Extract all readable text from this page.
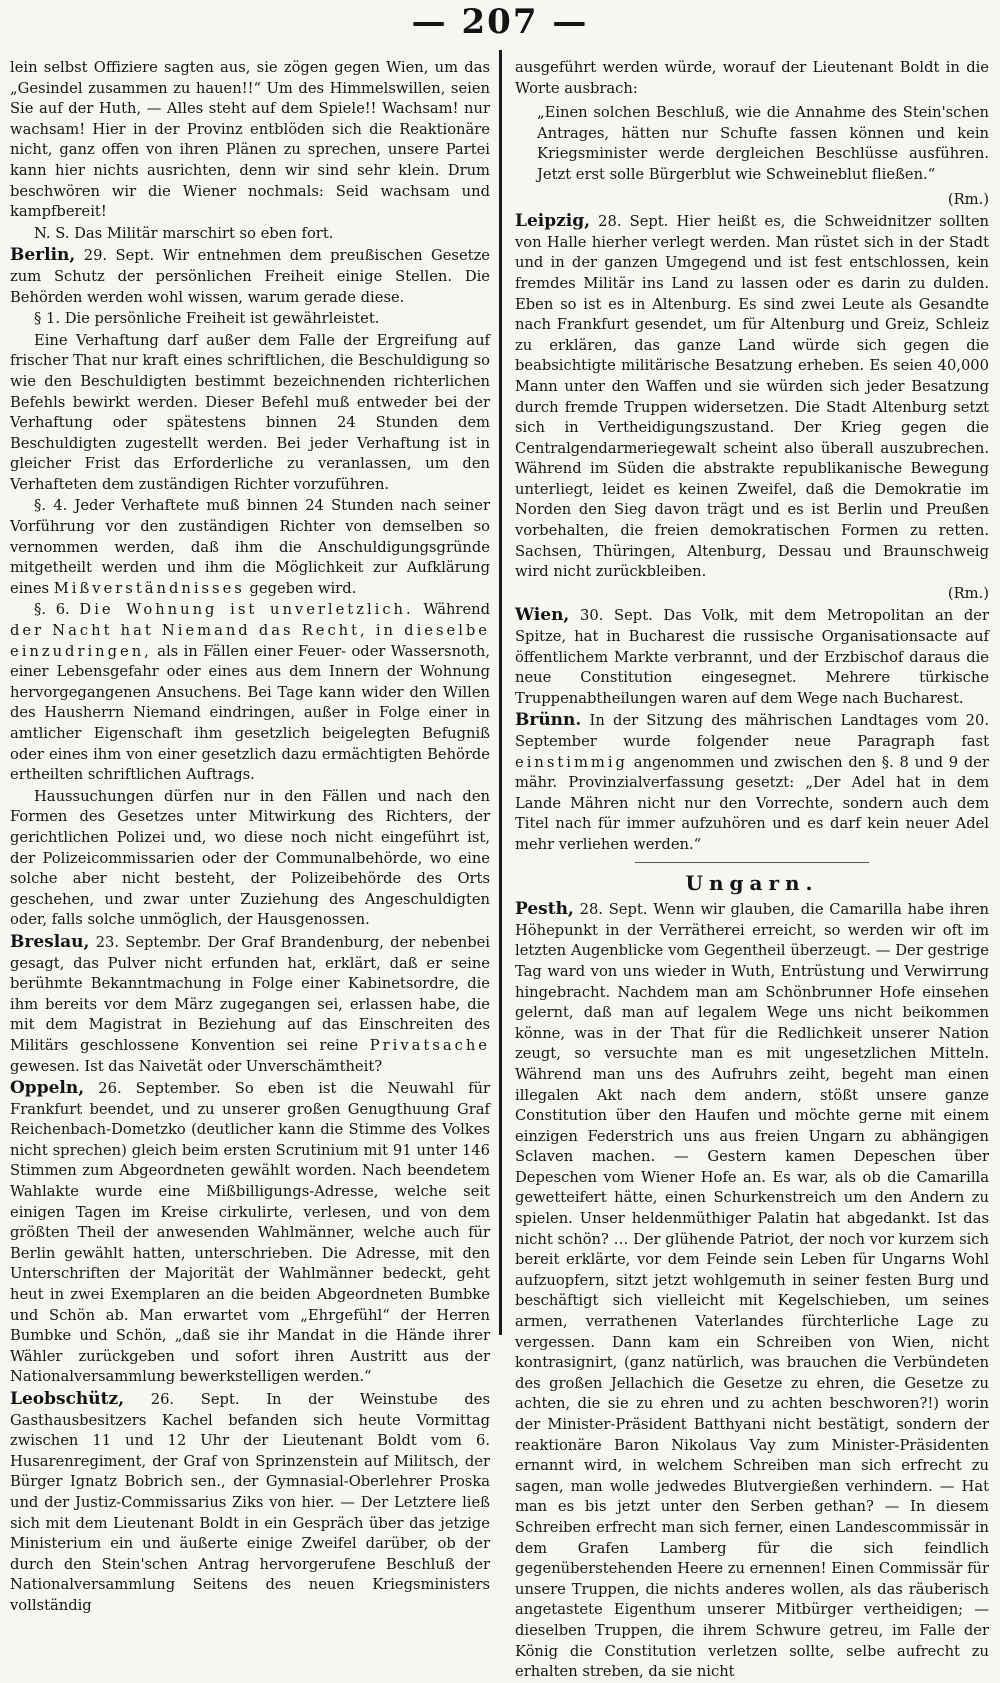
— 207 —

lein selbst Offiziere sagten aus, sie zögen gegen Wien, um das „Gesindel zusammen zu hauen!!“ Um des Himmelswillen, seien Sie auf der Huth, — Alles steht auf dem Spiele!! Wachsam! nur wachsam! Hier in der Provinz entblöden sich die Reaktionäre nicht, ganz offen von ihren Plänen zu sprechen, unsere Partei kann hier nichts ausrichten, denn wir sind sehr klein. Drum beschwören wir die Wiener nochmals: Seid wachsam und kampfbereit!

N. S. Das Militär marschirt so eben fort.

Berlin, 29. Sept. Wir entnehmen dem preußischen Gesetze zum Schutz der persönlichen Freiheit einige Stellen. Die Behörden werden wohl wissen, warum gerade diese.

§ 1. Die persönliche Freiheit ist gewährleistet.

Eine Verhaftung darf außer dem Falle der Ergreifung auf frischer That nur kraft eines schriftlichen, die Beschuldigung so wie den Beschuldigten bestimmt bezeichnenden richterlichen Befehls bewirkt werden. Dieser Befehl muß entweder bei der Verhaftung oder spätestens binnen 24 Stunden dem Beschuldigten zugestellt werden. Bei jeder Verhaftung ist in gleicher Frist das Erforderliche zu veranlassen, um den Verhafteten dem zuständigen Richter vorzuführen.

§. 4. Jeder Verhaftete muß binnen 24 Stunden nach seiner Vorführung vor den zuständigen Richter von demselben so vernommen werden, daß ihm die Anschuldigungsgründe mitgetheilt werden und ihm die Möglichkeit zur Aufklärung eines Mißverständnisses gegeben wird.

§. 6. Die Wohnung ist unverletzlich. Während der Nacht hat Niemand das Recht, in dieselbe einzudringen, als in Fällen einer Feuer- oder Wassersnoth, einer Lebensgefahr oder eines aus dem Innern der Wohnung hervorgegangenen Ansuchens. Bei Tage kann wider den Willen des Hausherrn Niemand eindringen, außer in Folge einer in amtlicher Eigenschaft ihm gesetzlich beigelegten Befugniß oder eines ihm von einer gesetzlich dazu ermächtigten Behörde ertheilten schriftlichen Auftrags.

Haussuchungen dürfen nur in den Fällen und nach den Formen des Gesetzes unter Mitwirkung des Richters, der gerichtlichen Polizei und, wo diese noch nicht eingeführt ist, der Polizeicommissarien oder der Communalbehörde, wo eine solche aber nicht besteht, der Polizeibehörde des Orts geschehen, und zwar unter Zuziehung des Angeschuldigten oder, falls solche unmöglich, der Hausgenossen.

Breslau, 23. Septembr. Der Graf Brandenburg, der nebenbei gesagt, das Pulver nicht erfunden hat, erklärt, daß er seine berühmte Bekanntmachung in Folge einer Kabinetsordre, die ihm bereits vor dem März zugegangen sei, erlassen habe, die mit dem Magistrat in Beziehung auf das Einschreiten des Militärs geschlossene Konvention sei reine Privatsache gewesen. Ist das Naivetät oder Unverschämtheit?

Oppeln, 26. September. So eben ist die Neuwahl für Frankfurt beendet, und zu unserer großen Genugthuung Graf Reichenbach-Dometzko (deutlicher kann die Stimme des Volkes nicht sprechen) gleich beim ersten Scrutinium mit 91 unter 146 Stimmen zum Abgeordneten gewählt worden. Nach beendetem Wahlakte wurde eine Mißbilligungs-Adresse, welche seit einigen Tagen im Kreise cirkulirte, verlesen, und von dem größten Theil der anwesenden Wahlmänner, welche auch für Berlin gewählt hatten, unterschrieben. Die Adresse, mit den Unterschriften der Majorität der Wahlmänner bedeckt, geht heut in zwei Exemplaren an die beiden Abgeordneten Bumbke und Schön ab. Man erwartet vom „Ehrgefühl“ der Herren Bumbke und Schön, „daß sie ihr Mandat in die Hände ihrer Wähler zurückgeben und sofort ihren Austritt aus der Nationalversammlung bewerkstelligen werden.“

Leobschütz, 26. Sept. In der Weinstube des Gasthausbesitzers Kachel befanden sich heute Vormittag zwischen 11 und 12 Uhr der Lieutenant Boldt vom 6. Husarenregiment, der Graf von Sprinzenstein auf Militsch, der Bürger Ignatz Bobrich sen., der Gymnasial-Oberlehrer Proska und der Justiz-Commissarius Ziks von hier. — Der Letztere ließ sich mit dem Lieutenant Boldt in ein Gespräch über das jetzige Ministerium ein und äußerte einige Zweifel darüber, ob der durch den Stein'schen Antrag hervorgerufene Beschluß der Nationalversammlung Seitens des neuen Kriegsministers vollständig

ausgeführt werden würde, worauf der Lieutenant Boldt in die Worte ausbrach:

„Einen solchen Beschluß, wie die Annahme des Stein'schen Antrages, hätten nur Schufte fassen können und kein Kriegsminister werde dergleichen Beschlüsse ausführen. Jetzt erst solle Bürgerblut wie Schweineblut fließen.“

(Rm.)

Leipzig, 28. Sept. Hier heißt es, die Schweidnitzer sollten von Halle hierher verlegt werden. Man rüstet sich in der Stadt und in der ganzen Umgegend und ist fest entschlossen, kein fremdes Militär ins Land zu lassen oder es darin zu dulden. Eben so ist es in Altenburg. Es sind zwei Leute als Gesandte nach Frankfurt gesendet, um für Altenburg und Greiz, Schleiz zu erklären, das ganze Land würde sich gegen die beabsichtigte militärische Besatzung erheben. Es seien 40,000 Mann unter den Waffen und sie würden sich jeder Besatzung durch fremde Truppen widersetzen. Die Stadt Altenburg setzt sich in Vertheidigungszustand. Der Krieg gegen die Centralgendarmeriegewalt scheint also überall auszubrechen. Während im Süden die abstrakte republikanische Bewegung unterliegt, leidet es keinen Zweifel, daß die Demokratie im Norden den Sieg davon trägt und es ist Berlin und Preußen vorbehalten, die freien demokratischen Formen zu retten. Sachsen, Thüringen, Altenburg, Dessau und Braunschweig wird nicht zurückbleiben.

(Rm.)

Wien, 30. Sept. Das Volk, mit dem Metropolitan an der Spitze, hat in Bucharest die russische Organisationsacte auf öffentlichem Markte verbrannt, und der Erzbischof daraus die neue Constitution eingesegnet. Mehrere türkische Truppenabtheilungen waren auf dem Wege nach Bucharest.

Brünn. In der Sitzung des mährischen Landtages vom 20. September wurde folgender neue Paragraph fast einstimmig angenommen und zwischen den §. 8 und 9 der mähr. Provinzialverfassung gesetzt: „Der Adel hat in dem Lande Mähren nicht nur den Vorrechte, sondern auch dem Titel nach für immer aufzuhören und es darf kein neuer Adel mehr verliehen werden.“

Ungarn.

Pesth, 28. Sept. Wenn wir glauben, die Camarilla habe ihren Höhepunkt in der Verrätherei erreicht, so werden wir oft im letzten Augenblicke vom Gegentheil überzeugt. — Der gestrige Tag ward von uns wieder in Wuth, Entrüstung und Verwirrung hingebracht. Nachdem man am Schönbrunner Hofe einsehen gelernt, daß man auf legalem Wege uns nicht beikommen könne, was in der That für die Redlichkeit unserer Nation zeugt, so versuchte man es mit ungesetzlichen Mitteln. Während man uns des Aufruhrs zeiht, begeht man einen illegalen Akt nach dem andern, stößt unsere ganze Constitution über den Haufen und möchte gerne mit einem einzigen Federstrich uns aus freien Ungarn zu abhängigen Sclaven machen. — Gestern kamen Depeschen über Depeschen vom Wiener Hofe an. Es war, als ob die Camarilla gewetteifert hätte, einen Schurkenstreich um den Andern zu spielen. Unser heldenmüthiger Palatin hat abgedankt. Ist das nicht schön? … Der glühende Patriot, der noch vor kurzem sich bereit erklärte, vor dem Feinde sein Leben für Ungarns Wohl aufzuopfern, sitzt jetzt wohlgemuth in seiner festen Burg und beschäftigt sich vielleicht mit Kegelschieben, um seines armen, verrathenen Vaterlandes fürchterliche Lage zu vergessen. Dann kam ein Schreiben von Wien, nicht kontrasignirt, (ganz natürlich, was brauchen die Verbündeten des großen Jellachich die Gesetze zu ehren, die Gesetze zu achten, die sie zu ehren und zu achten beschworen?!) worin der Minister-Präsident Batthyani nicht bestätigt, sondern der reaktionäre Baron Nikolaus Vay zum Minister-Präsidenten ernannt wird, in welchem Schreiben man sich erfrecht zu sagen, man wolle jedwedes Blutvergießen verhindern. — Hat man es bis jetzt unter den Serben gethan? — In diesem Schreiben erfrecht man sich ferner, einen Landescommissär in dem Grafen Lamberg für die sich feindlich gegenüberstehenden Heere zu ernennen! Einen Commissär für unsere Truppen, die nichts anderes wollen, als das räuberisch angetastete Eigenthum unserer Mitbürger vertheidigen; — dieselben Truppen, die ihrem Schwure getreu, im Falle der König die Constitution verletzen sollte, selbe aufrecht zu erhalten streben, da sie nicht
